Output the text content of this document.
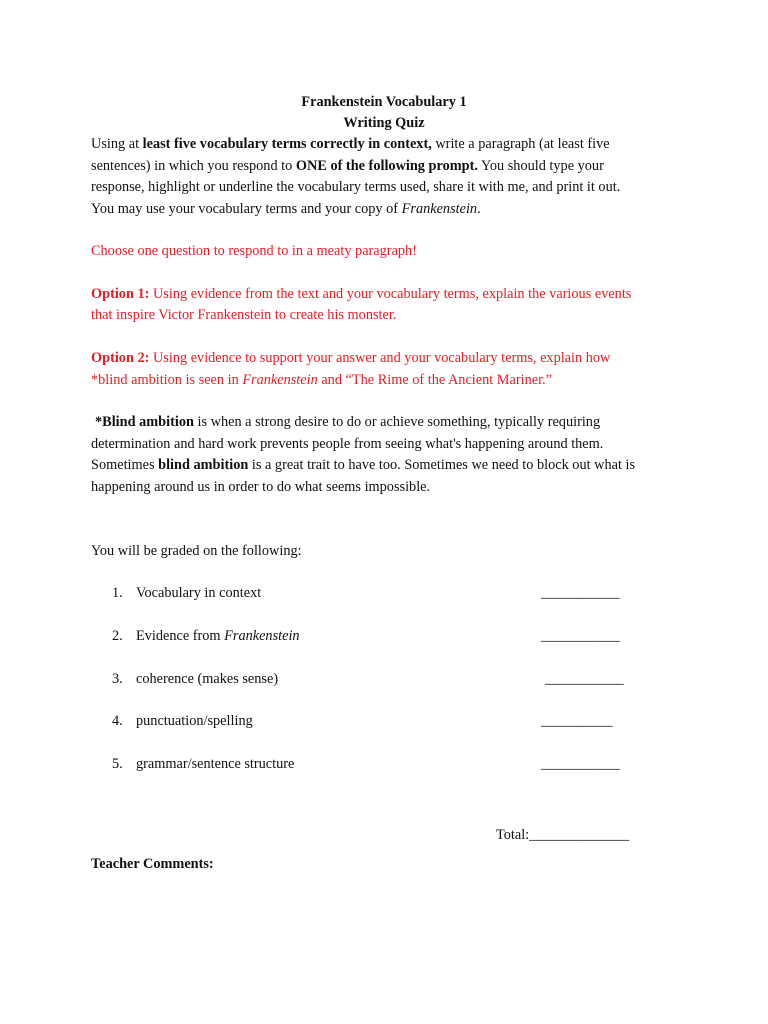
Frankenstein Vocabulary 1
Writing Quiz
Using at least five vocabulary terms correctly in context, write a paragraph (at least five
sentences) in which you respond to ONE of the following prompt. You should type your
response, highlight or underline the vocabulary terms used, share it with me, and print it out.
You may use your vocabulary terms and your copy of Frankenstein.
Choose one question to respond to in a meaty paragraph!
Option 1: Using evidence from the text and your vocabulary terms, explain the various events
that inspire Victor Frankenstein to create his monster.
Option 2: Using evidence to support your answer and your vocabulary terms, explain how
*blind ambition is seen in Frankenstein and “The Rime of the Ancient Mariner.”
*Blind ambition is when a strong desire to do or achieve something, typically requiring
determination and hard work prevents people from seeing what's happening around them.
Sometimes blind ambition is a great trait to have too. Sometimes we need to block out what is
happening around us in order to do what seems impossible.
You will be graded on the following:
1. Vocabulary in context	___________
2. Evidence from Frankenstein	___________
3. coherence (makes sense)	___________
4. punctuation/spelling	__________
5. grammar/sentence structure	___________
Total:______________
Teacher Comments:
